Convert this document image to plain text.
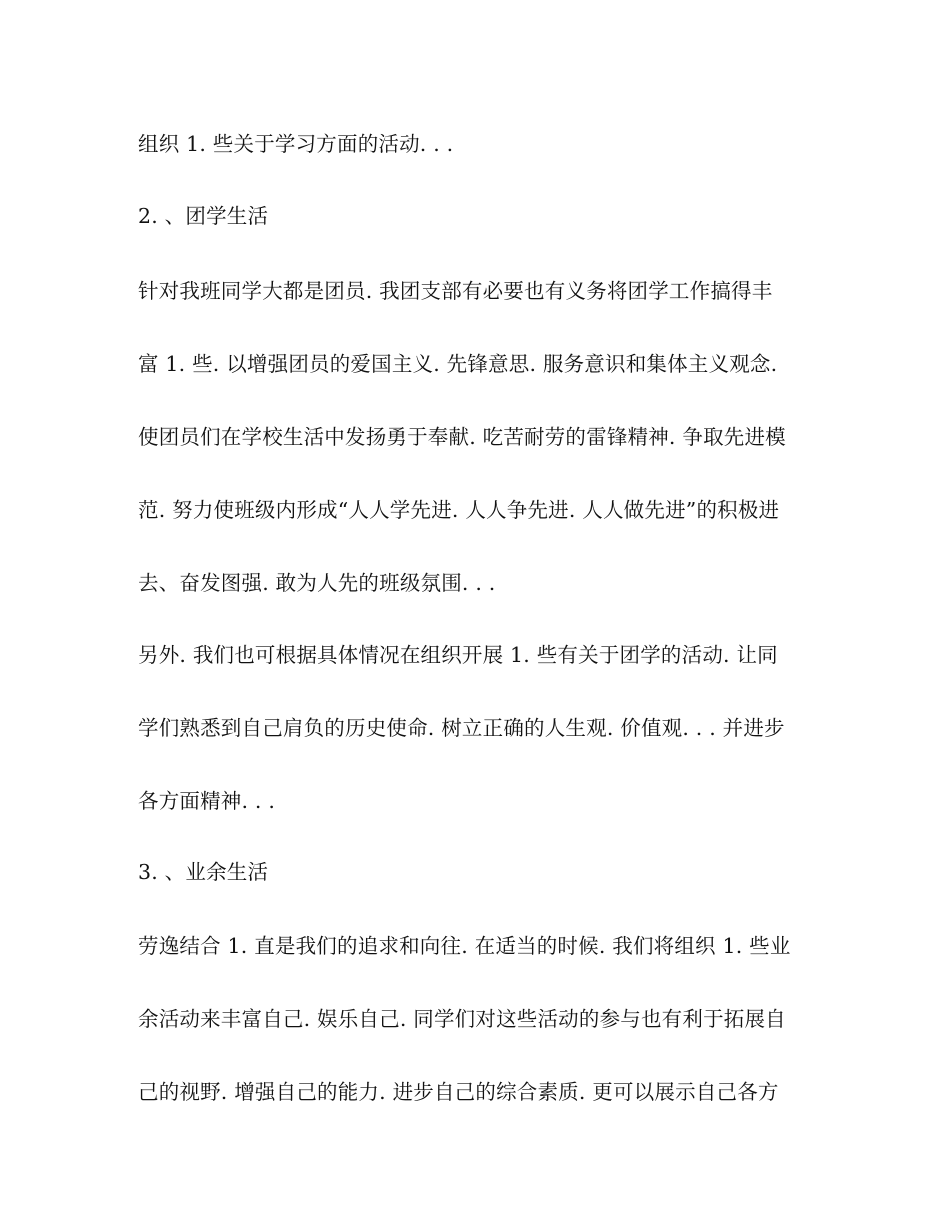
组织 1. 些关于学习方面的活动. . .
2. 、团学生活
针对我班同学大都是团员. 我团支部有必要也有义务将团学工作搞得丰
富 1. 些. 以增强团员的爱国主义. 先锋意思. 服务意识和集体主义观念.
使团员们在学校生活中发扬勇于奉献. 吃苦耐劳的雷锋精神. 争取先进模
范. 努力使班级内形成“人人学先进. 人人争先进. 人人做先进”的积极进
去、奋发图强. 敢为人先的班级氛围. . .
另外. 我们也可根据具体情况在组织开展 1. 些有关于团学的活动. 让同
学们熟悉到自己肩负的历史使命. 树立正确的人生观. 价值观. . . 并进步
各方面精神. . .
3. 、业余生活
劳逸结合 1. 直是我们的追求和向往. 在适当的时候. 我们将组织 1. 些业
余活动来丰富自己. 娱乐自己. 同学们对这些活动的参与也有利于拓展自
己的视野. 增强自己的能力. 进步自己的综合素质. 更可以展示自己各方
